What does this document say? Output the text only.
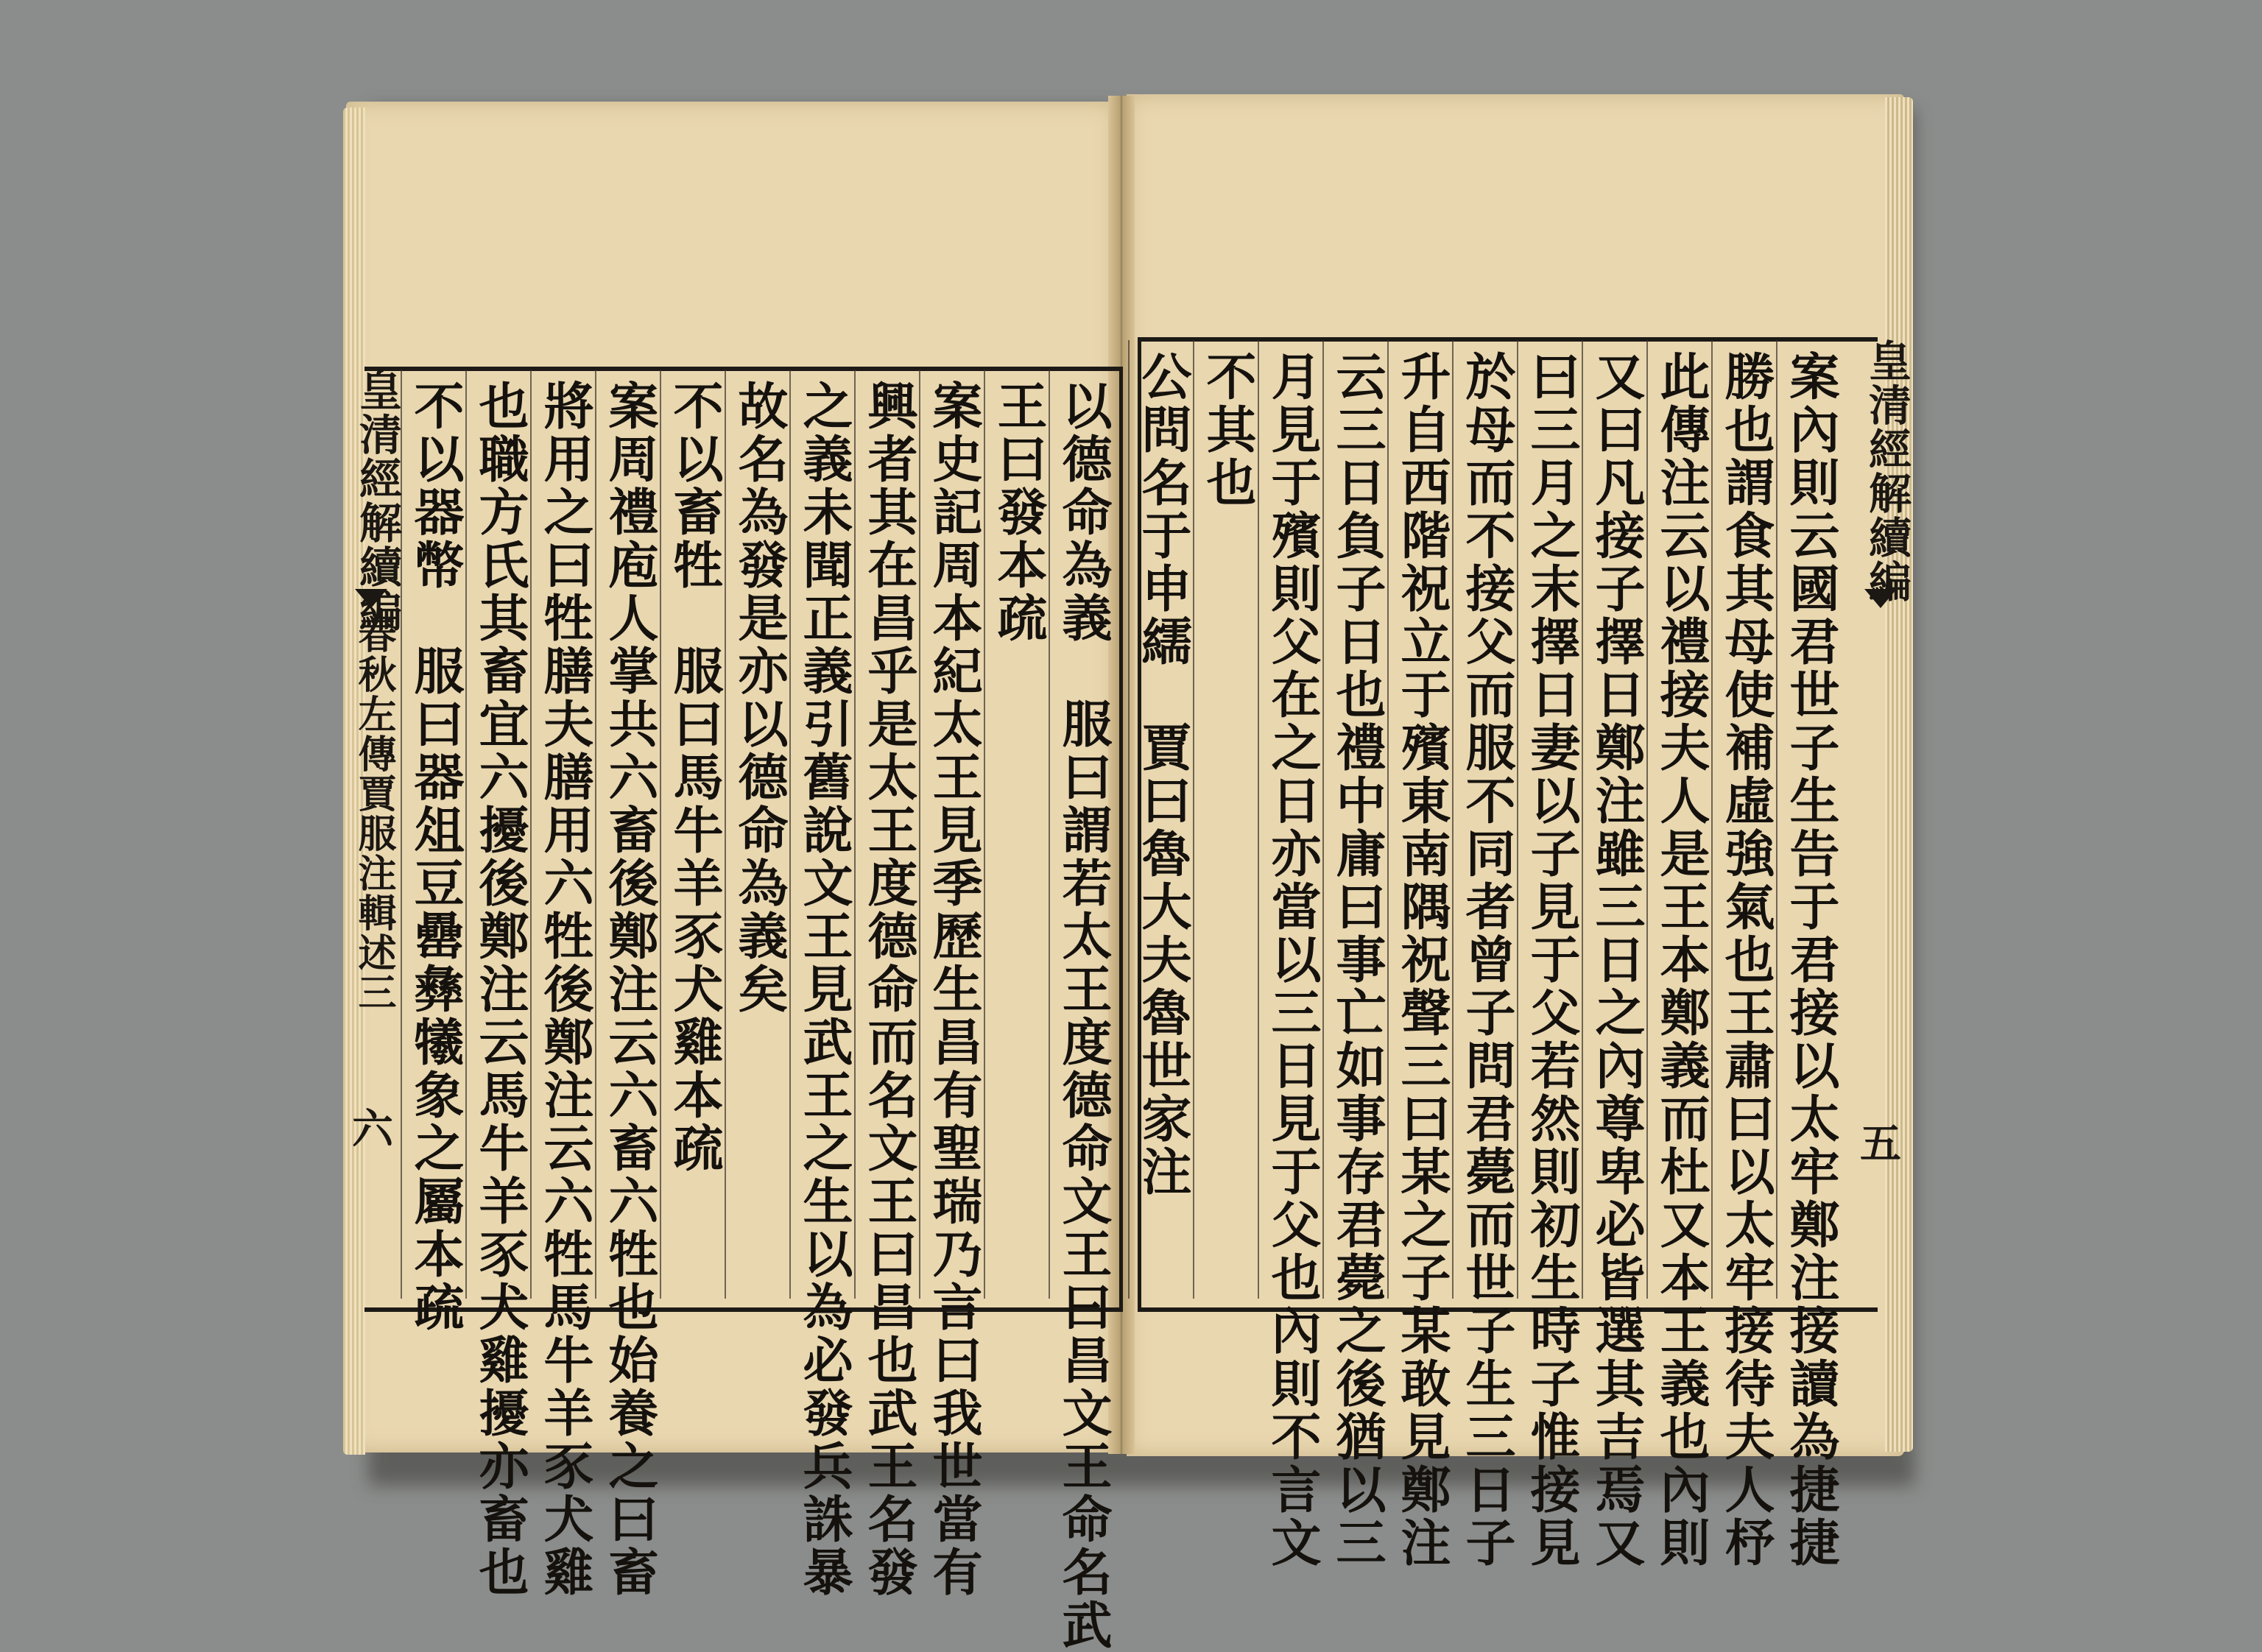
以德命為義　服曰謂若太王度德命文王曰昌文王命名武
王曰發本疏
案史記周本紀太王見季歷生昌有聖瑞乃言曰我世當有
興者其在昌乎是太王度德命而名文王曰昌也武王名發
之義未聞正義引舊說文王見武王之生以為必發兵誅暴
故名為發是亦以德命為義矣
不以畜牲　服曰馬牛羊豕犬雞本疏
案周禮庖人掌共六畜後鄭注云六畜六牲也始養之曰畜
將用之曰牲膳夫膳用六牲後鄭注云六牲馬牛羊豕犬雞
也職方氏其畜宜六擾後鄭注云馬牛羊豕犬雞擾亦畜也
不以器幣　服曰器俎豆罍彝犧象之屬本疏
皇清經解續編
春秋左傳賈服注輯述三
六	案內則云國君世子生告于君接以太牢鄭注接讀為捷捷
勝也謂食其母使補虛強氣也王肅曰以太牢接待夫人杼
此傳注云以禮接夫人是王本鄭義而杜又本王義也內則
又曰凡接子擇日鄭注雖三日之內尊卑必皆選其吉焉又
曰三月之末擇日妻以子見于父若然則初生時子惟接見
於母而不接父而服不同者曾子問君薨而世子生三日子
升自西階祝立于殯東南隅祝聲三曰某之子某敢見鄭注
云三日負子日也禮中庸曰事亡如事存君薨之後猶以三
月見于殯則父在之日亦當以三日見于父也內則不言文
不其也
公問名于申繻　賈曰魯大夫魯世家注	皇清經解續編
五
